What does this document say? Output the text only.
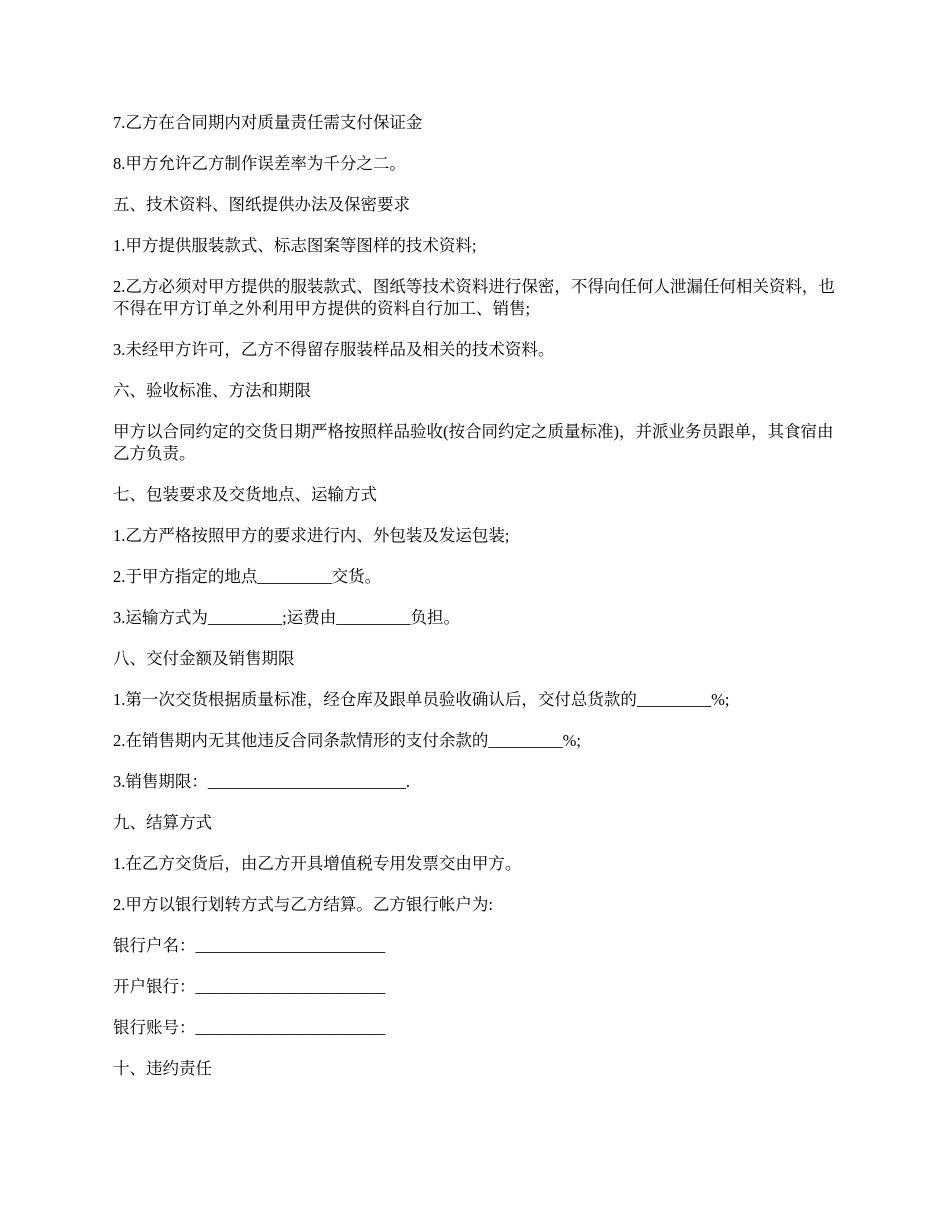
7.乙方在合同期内对质量责任需支付保证金

8.甲方允许乙方制作误差率为千分之二。

五、技术资料、图纸提供办法及保密要求

1.甲方提供服装款式、标志图案等图样的技术资料;

2.乙方必须对甲方提供的服装款式、图纸等技术资料进行保密，不得向任何人泄漏任何相关资料，也不得在甲方订单之外利用甲方提供的资料自行加工、销售;

3.未经甲方许可，乙方不得留存服装样品及相关的技术资料。

六、验收标准、方法和期限

甲方以合同约定的交货日期严格按照样品验收(按合同约定之质量标准)，并派业务员跟单，其食宿由乙方负责。

七、包装要求及交货地点、运输方式

1.乙方严格按照甲方的要求进行内、外包装及发运包装;

2.于甲方指定的地点_________交货。

3.运输方式为_________;运费由_________负担。

八、交付金额及销售期限

1.第一次交货根据质量标准，经仓库及跟单员验收确认后，交付总货款的_________%;

2.在销售期内无其他违反合同条款情形的支付余款的_________%;

3.销售期限：________________________.

九、结算方式

1.在乙方交货后，由乙方开具增值税专用发票交由甲方。

2.甲方以银行划转方式与乙方结算。乙方银行帐户为:

银行户名：_______________________

开户银行：_______________________

银行账号：_______________________

十、违约责任
